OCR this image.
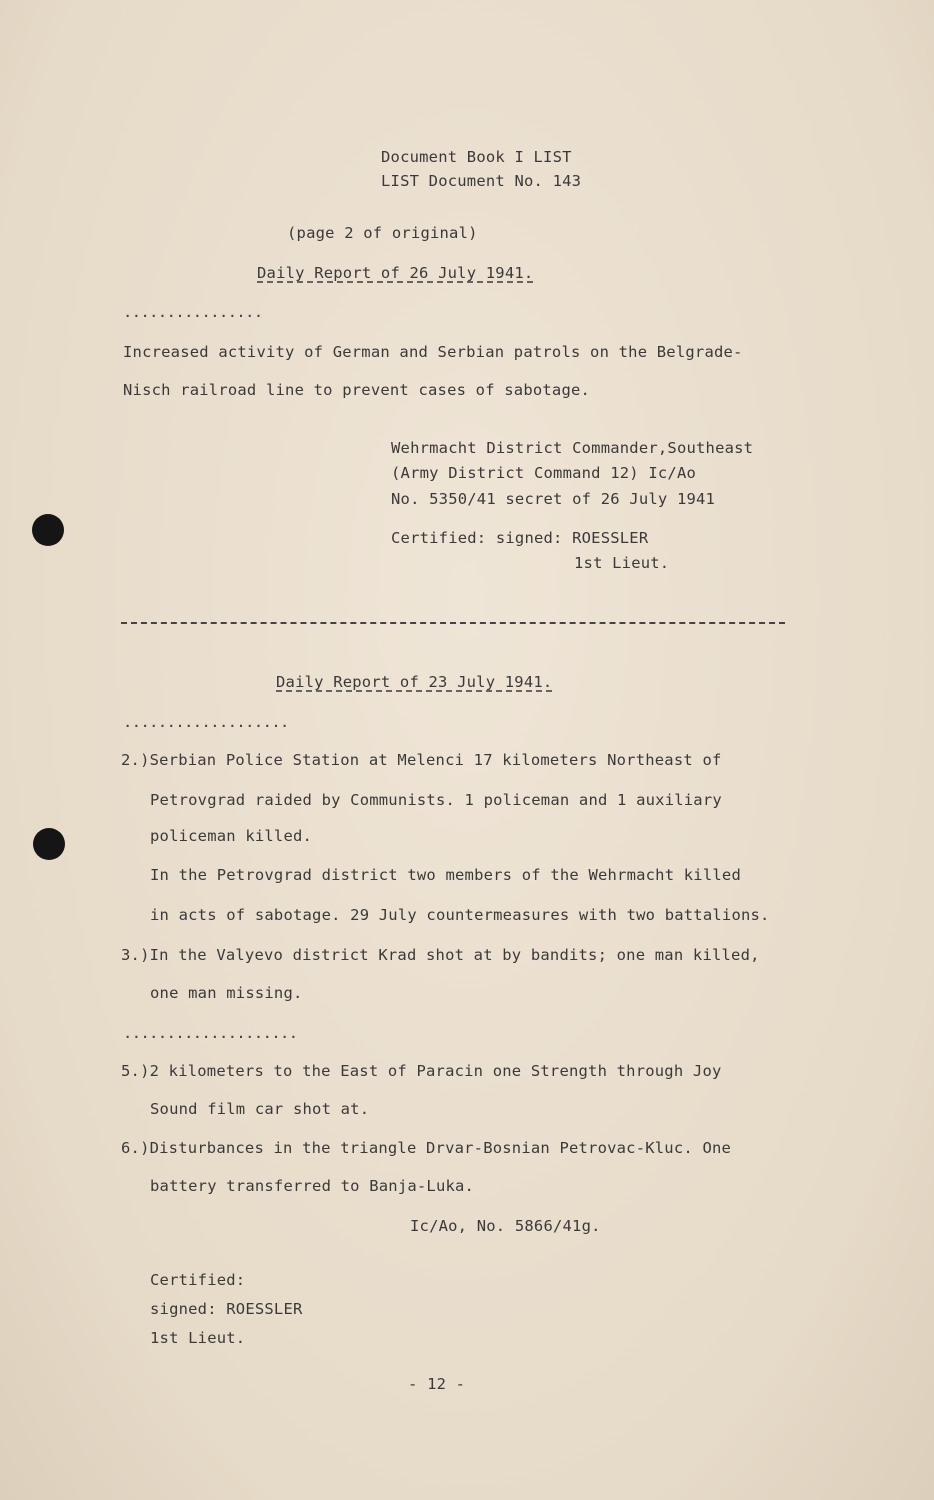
Document Book I LIST
LIST Document No. 143
(page 2 of original)
Daily Report of 26 July 1941.
................
Increased activity of German and Serbian patrols on the Belgrade-
Nisch railroad line to prevent cases of sabotage.
Wehrmacht District Commander,Southeast
(Army District Command 12) Ic/Ao
No. 5350/41 secret of 26 July 1941
Certified: signed: ROESSLER
1st Lieut.
Daily Report of 23 July 1941.
...................
2.)Serbian Police Station at Melenci 17 kilometers Northeast of
Petrovgrad raided by Communists. 1 policeman and 1 auxiliary
policeman killed.
In the Petrovgrad district two members of the Wehrmacht killed
in acts of sabotage. 29 July countermeasures with two battalions.
3.)In the Valyevo district Krad shot at by bandits; one man killed,
one man missing.
....................
5.)2 kilometers to the East of Paracin one Strength through Joy
Sound film car shot at.
6.)Disturbances in the triangle Drvar-Bosnian Petrovac-Kluc. One
battery transferred to Banja-Luka.
Ic/Ao, No. 5866/41g.
Certified:
signed: ROESSLER
1st Lieut.
- 12 -
